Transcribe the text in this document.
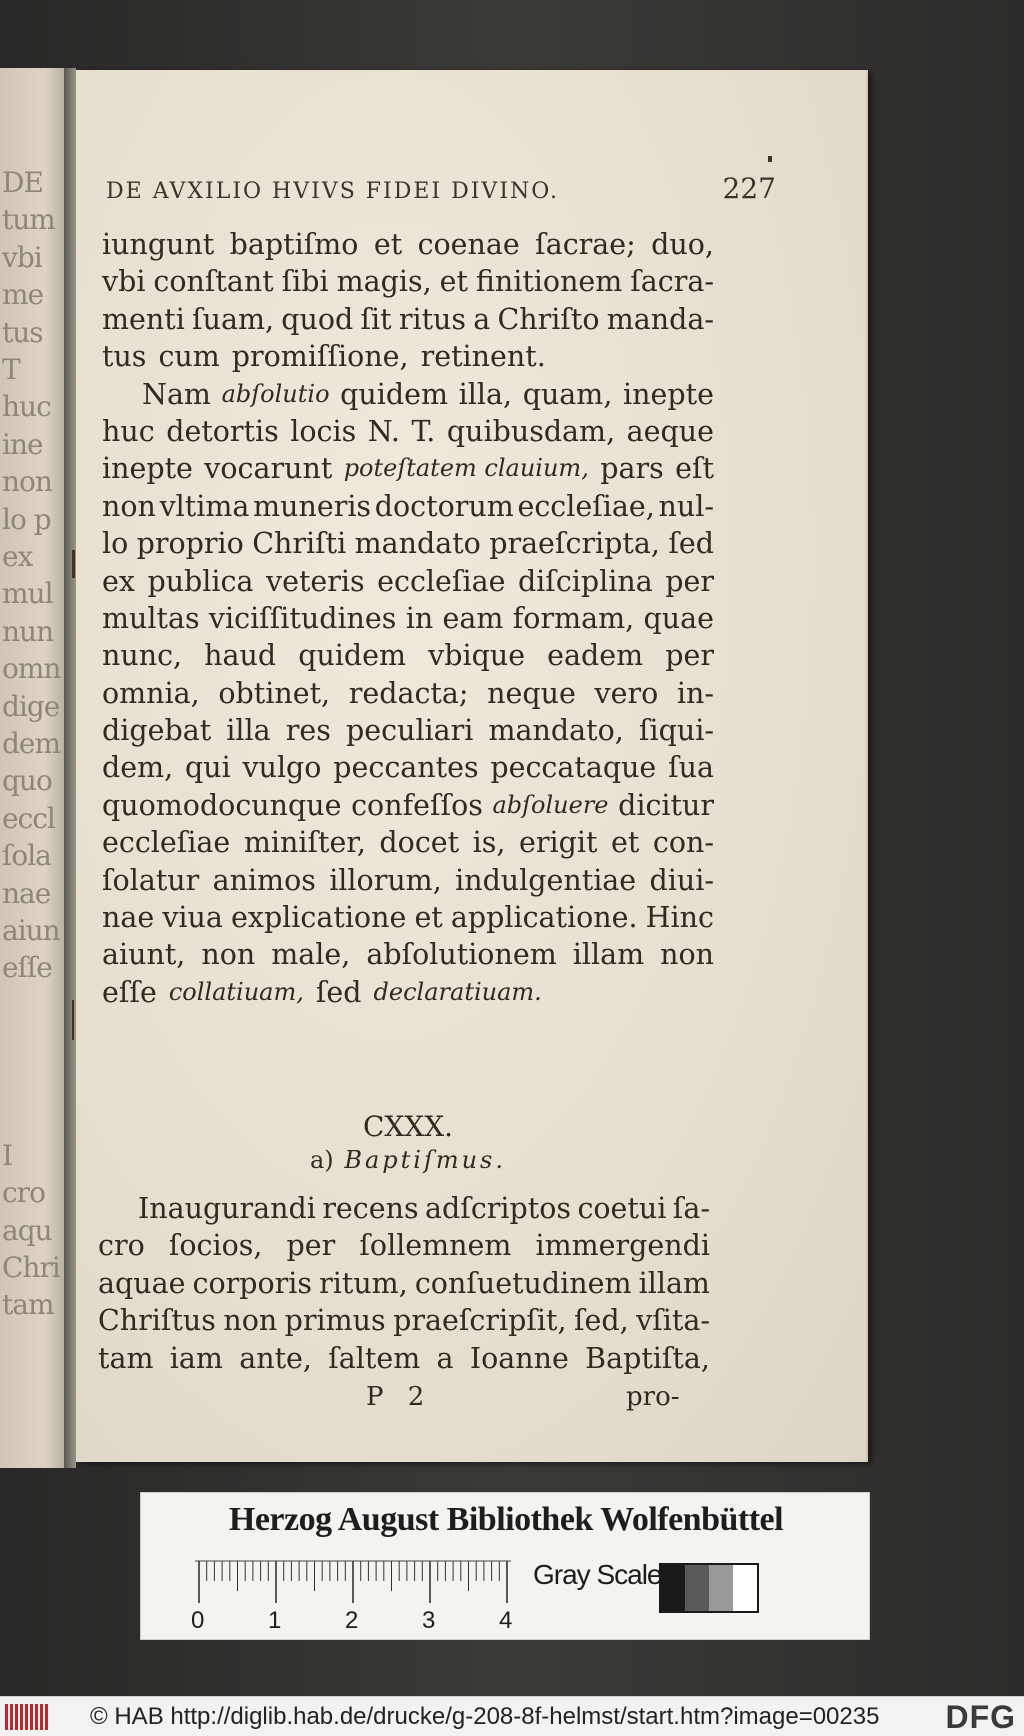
DE
tum
vbi
me
tus
T
huc
ine
non
lo p
ex
mul
nun
omn
dige
dem
quo
eccl
ſola
nae
aiun
eſſe
I
cro
aqu
Chri
tam
DE AVXILIO HVIVS FIDEI DIVINO.	227
iungunt baptiſmo et coenae ſacrae; duo,
vbi conſtant ſibi magis, et finitionem ſacra-
menti ſuam, quod ſit ritus a Chriſto manda-
tus cum promiſſione, retinent.
Nam abſolutio quidem illa, quam, inepte
huc detortis locis N. T. quibusdam, aeque
inepte vocarunt poteſtatem clauium, pars eſt
non vltima muneris doctorum eccleſiae, nul-
lo proprio Chriſti mandato praeſcripta, ſed
ex publica veteris eccleſiae diſciplina per
multas viciſſitudines in eam formam, quae
nunc, haud quidem vbique eadem per
omnia, obtinet, redacta; neque vero in-
digebat illa res peculiari mandato, ſiqui-
dem, qui vulgo peccantes peccataque ſua
quomodocunque confeſſos abſoluere dicitur
eccleſiae miniſter, docet is, erigit et con-
ſolatur animos illorum, indulgentiae diui-
nae viua explicatione et applicatione. Hinc
aiunt, non male, abſolutionem illam non
eſſe collatiuam, ſed declaratiuam.
CXXX.
a) Baptiſmus.
Inaugurandi recens adſcriptos coetui ſa-
cro ſocios, per ſollemnem immergendi
aquae corporis ritum, conſuetudinem illam
Chriſtus non primus praeſcripſit, ſed, vſita-
tam iam ante, ſaltem a Ioanne Baptiſta,
P 2	pro-
Herzog August Bibliothek Wolfenbüttel
0	1	2	3	4
Gray Scale
© HAB http://diglib.hab.de/drucke/g-208-8f-helmst/start.htm?image=00235 DFG
